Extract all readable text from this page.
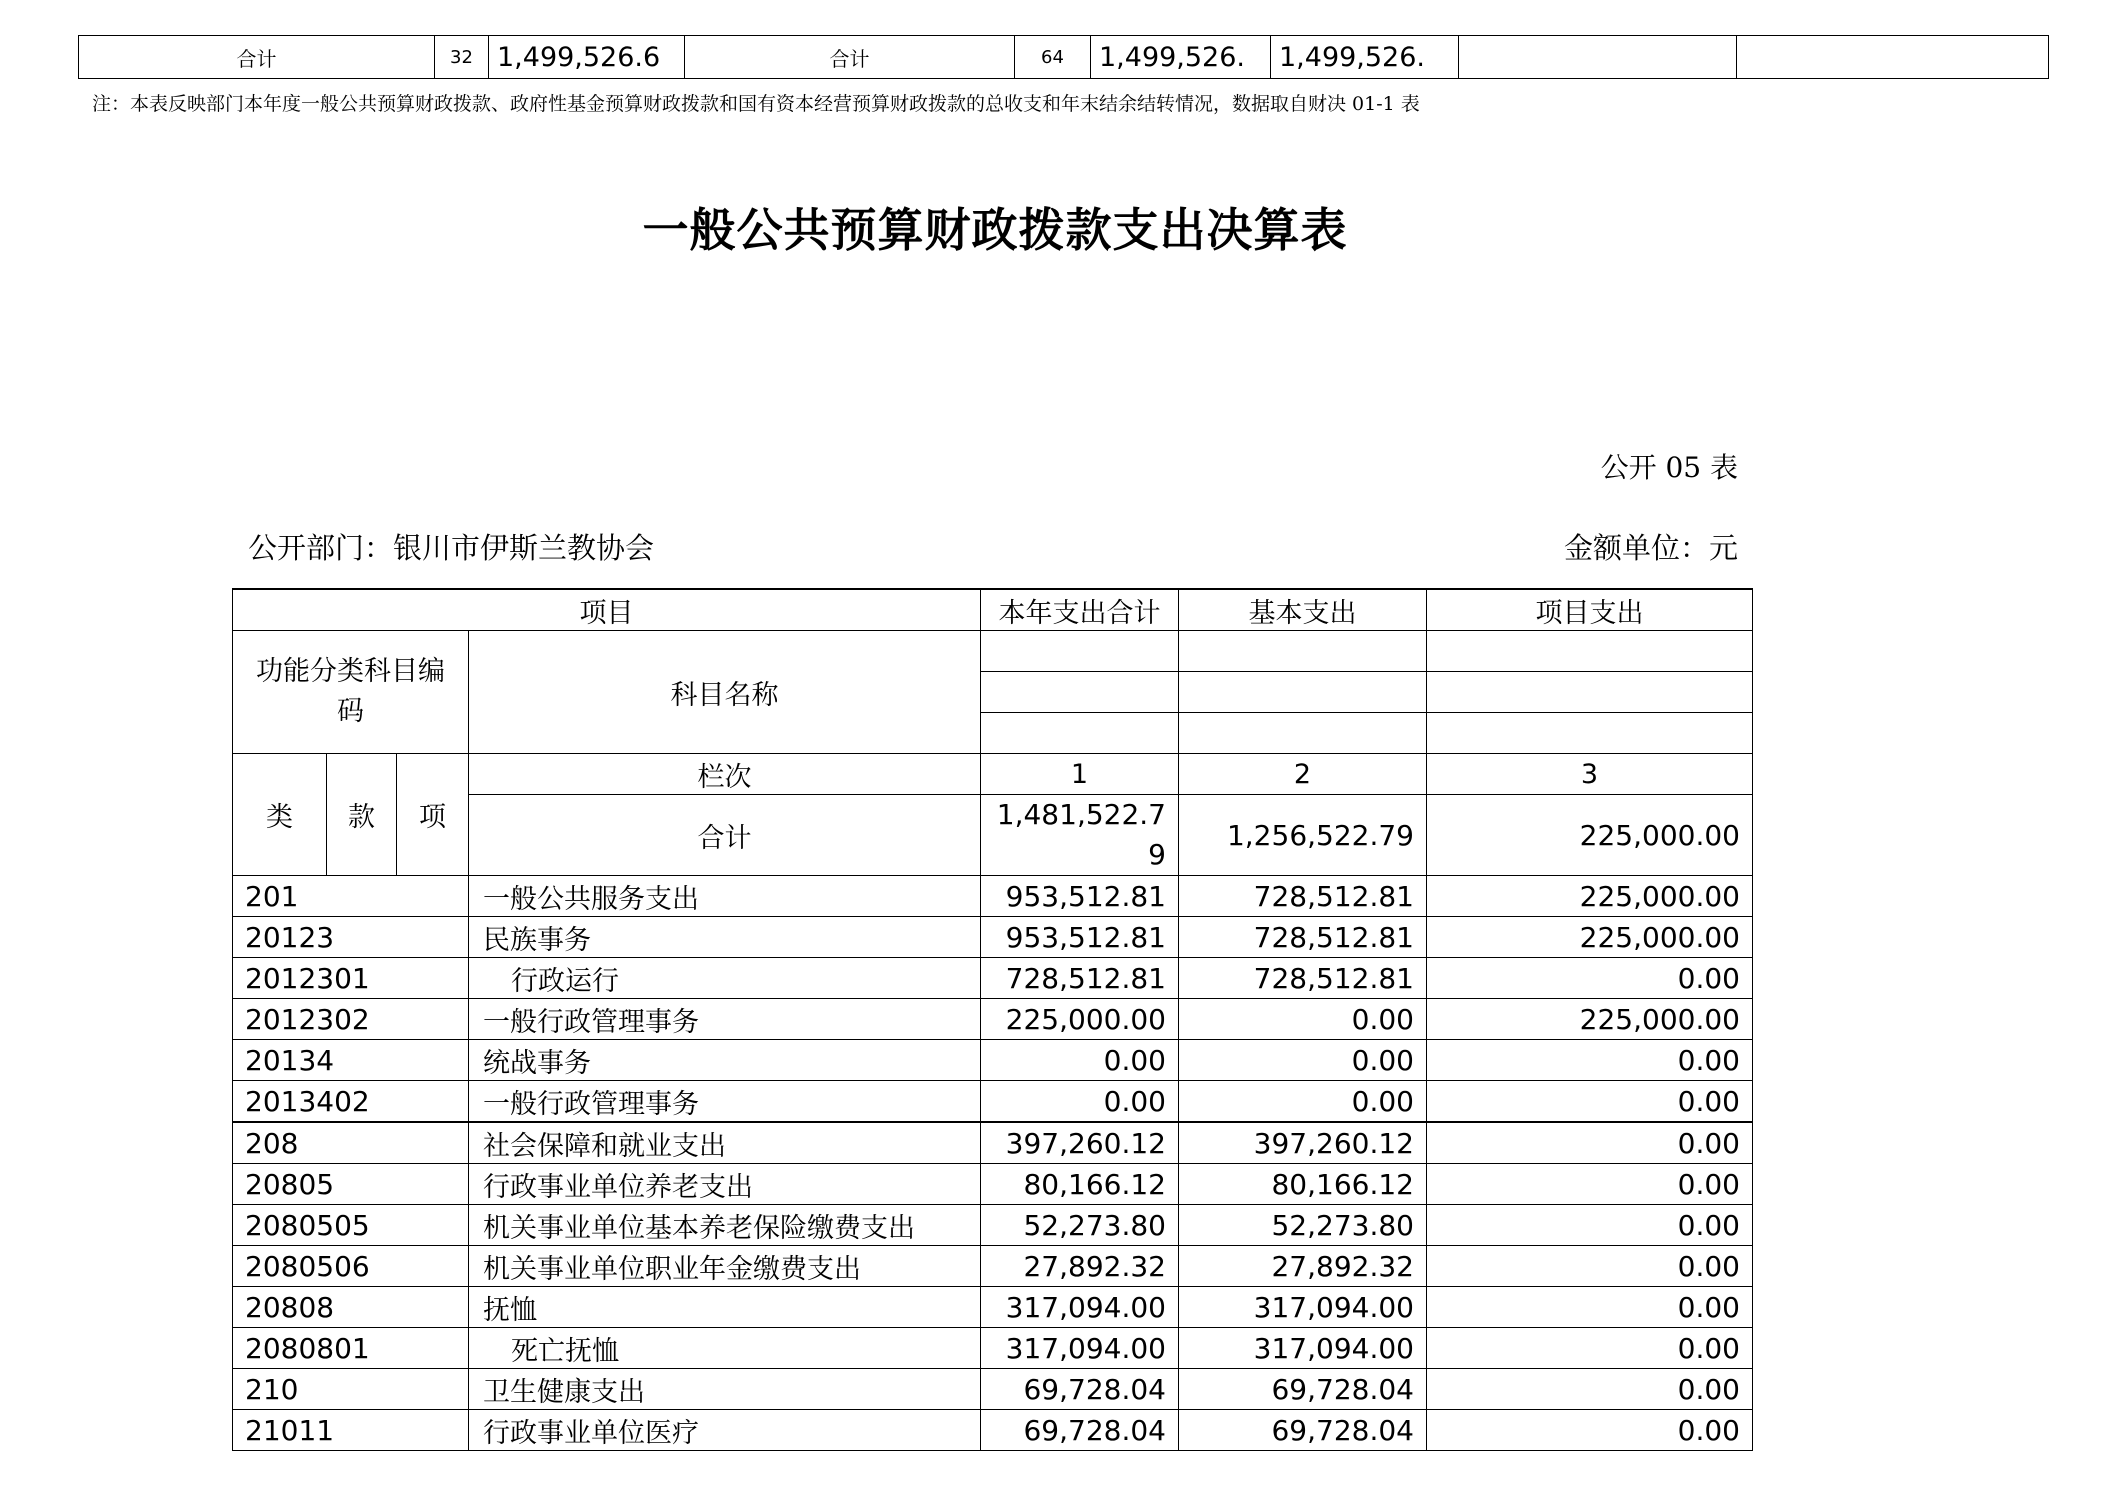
合计	32	1,499,526.6	合计	64	1,499,526.	1,499,526.		
注：本表反映部门本年度一般公共预算财政拨款、政府性基金预算财政拨款和国有资本经营预算财政拨款的总收支和年末结余结转情况，数据取自财决 01-1 表
一般公共预算财政拨款支出决算表
公开 05 表
公开部门：银川市伊斯兰教协会	金额单位：元
项目				本年支出合计	基本支出	项目支出
功能分类科目编码			科目名称			

类	款	项	栏次	1	2	3
			合计	1,481,522.79	1,256,522.79	225,000.00
201			一般公共服务支出	953,512.81	728,512.81	225,000.00
20123			民族事务	953,512.81	728,512.81	225,000.00
2012301			行政运行	728,512.81	728,512.81	0.00
2012302			一般行政管理事务	225,000.00	0.00	225,000.00
20134			统战事务	0.00	0.00	0.00
2013402			一般行政管理事务	0.00	0.00	0.00
208			社会保障和就业支出	397,260.12	397,260.12	0.00
20805			行政事业单位养老支出	80,166.12	80,166.12	0.00
2080505			机关事业单位基本养老保险缴费支出	52,273.80	52,273.80	0.00
2080506			机关事业单位职业年金缴费支出	27,892.32	27,892.32	0.00
20808			抚恤	317,094.00	317,094.00	0.00
2080801			死亡抚恤	317,094.00	317,094.00	0.00
210			卫生健康支出	69,728.04	69,728.04	0.00
21011			行政事业单位医疗	69,728.04	69,728.04	0.00
